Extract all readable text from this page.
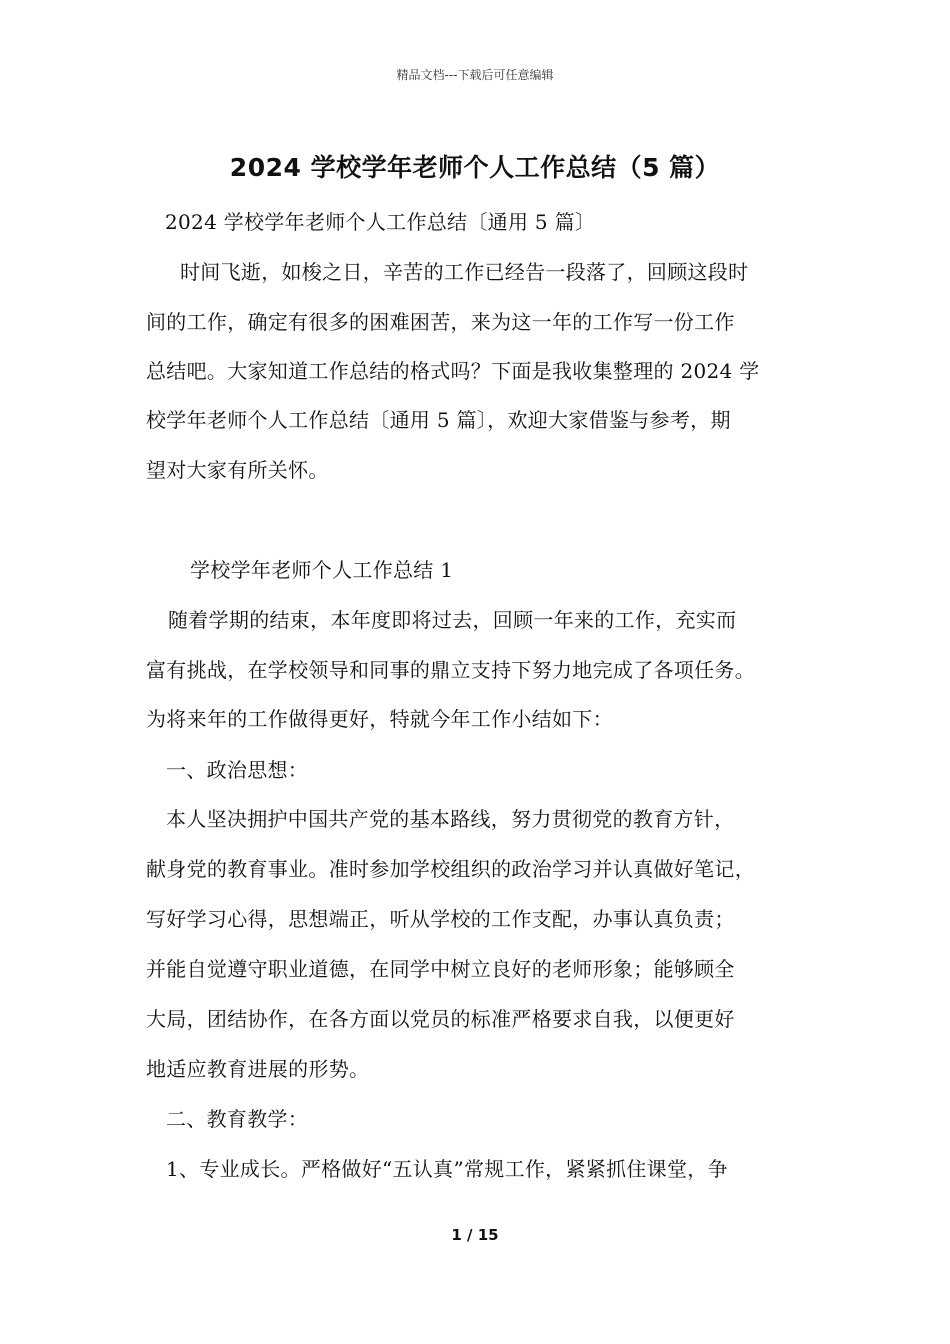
精品文档---下载后可任意编辑
2024 学校学年老师个人工作总结（5 篇）
2024 学校学年老师个人工作总结〔通用 5 篇〕
时间飞逝，如梭之日，辛苦的工作已经告一段落了，回顾这段时
间的工作，确定有很多的困难困苦，来为这一年的工作写一份工作
总结吧。大家知道工作总结的格式吗？下面是我收集整理的 2024 学
校学年老师个人工作总结〔通用 5 篇〕，欢迎大家借鉴与参考，期
望对大家有所关怀。
学校学年老师个人工作总结 1
随着学期的结束，本年度即将过去，回顾一年来的工作，充实而
富有挑战，在学校领导和同事的鼎立支持下努力地完成了各项任务。
为将来年的工作做得更好，特就今年工作小结如下：
一、政治思想：
本人坚决拥护中国共产党的基本路线，努力贯彻党的教育方针，
献身党的教育事业。准时参加学校组织的政治学习并认真做好笔记，
写好学习心得，思想端正，听从学校的工作支配，办事认真负责；
并能自觉遵守职业道德，在同学中树立良好的老师形象；能够顾全
大局，团结协作，在各方面以党员的标准严格要求自我，以便更好
地适应教育进展的形势。
二、教育教学：
1、专业成长。严格做好“五认真”常规工作，紧紧抓住课堂，争
1 / 15
